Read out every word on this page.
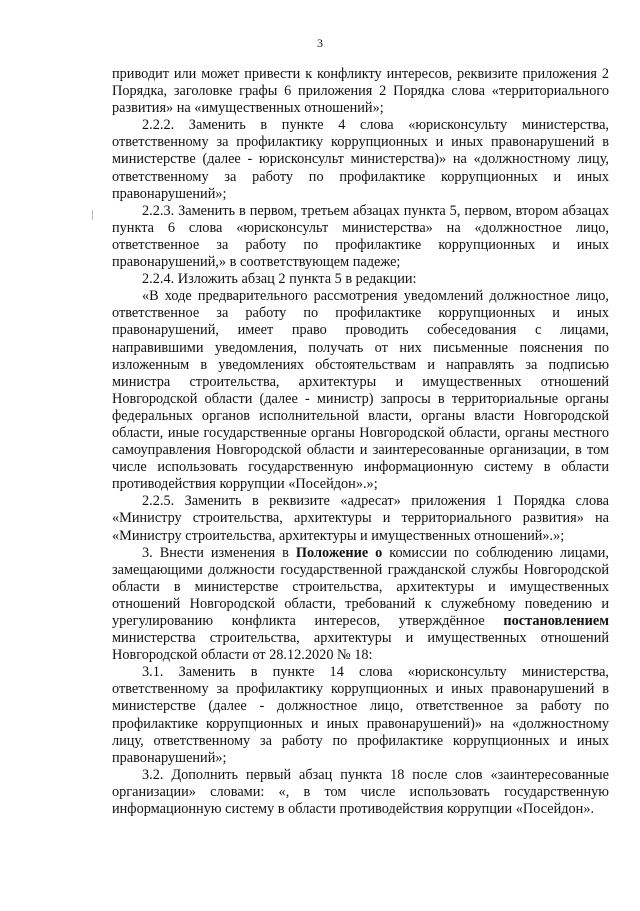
3

приводит или может привести к конфликту интересов, реквизите приложения 2 Порядка, заголовке графы 6 приложения 2 Порядка слова «территориального развития» на «имущественных отношений»;

2.2.2. Заменить в пункте 4 слова «юрисконсульту министерства, ответственному за профилактику коррупционных и иных правонарушений в министерстве (далее - юрисконсульт министерства)» на «должностному лицу, ответственному за работу по профилактике коррупционных и иных правонарушений»;

2.2.3. Заменить в первом, третьем абзацах пункта 5, первом, втором абзацах пункта 6 слова «юрисконсульт министерства» на «должностное лицо, ответственное за работу по профилактике коррупционных и иных правонарушений,» в соответствующем падеже;

2.2.4. Изложить абзац 2 пункта 5 в редакции:

«В ходе предварительного рассмотрения уведомлений должностное лицо, ответственное за работу по профилактике коррупционных и иных правонарушений, имеет право проводить собеседования с лицами, направившими уведомления, получать от них письменные пояснения по изложенным в уведомлениях обстоятельствам и направлять за подписью министра строительства, архитектуры и имущественных отношений Новгородской области (далее - министр) запросы в территориальные органы федеральных органов исполнительной власти, органы власти Новгородской области, иные государственные органы Новгородской области, органы местного самоуправления Новгородской области и заинтересованные организации, в том числе использовать государственную информационную систему в области противодействия коррупции «Посейдон».»;

2.2.5. Заменить в реквизите «адресат» приложения 1 Порядка слова «Министру строительства, архитектуры и территориального развития» на «Министру строительства, архитектуры и имущественных отношений».»;

3. Внести изменения в Положение о комиссии по соблюдению лицами, замещающими должности государственной гражданской службы Новгородской области в министерстве строительства, архитектуры и имущественных отношений Новгородской области, требований к служебному поведению и урегулированию конфликта интересов, утверждённое постановлением министерства строительства, архитектуры и имущественных отношений Новгородской области от 28.12.2020 № 18:

3.1. Заменить в пункте 14 слова «юрисконсульту министерства, ответственному за профилактику коррупционных и иных правонарушений в министерстве (далее - должностное лицо, ответственное за работу по профилактике коррупционных и иных правонарушений)» на «должностному лицу, ответственному за работу по профилактике коррупционных и иных правонарушений»;

3.2. Дополнить первый абзац пункта 18 после слов «заинтересованные организации» словами: «, в том числе использовать государственную информационную систему в области противодействия коррупции «Посейдон».
